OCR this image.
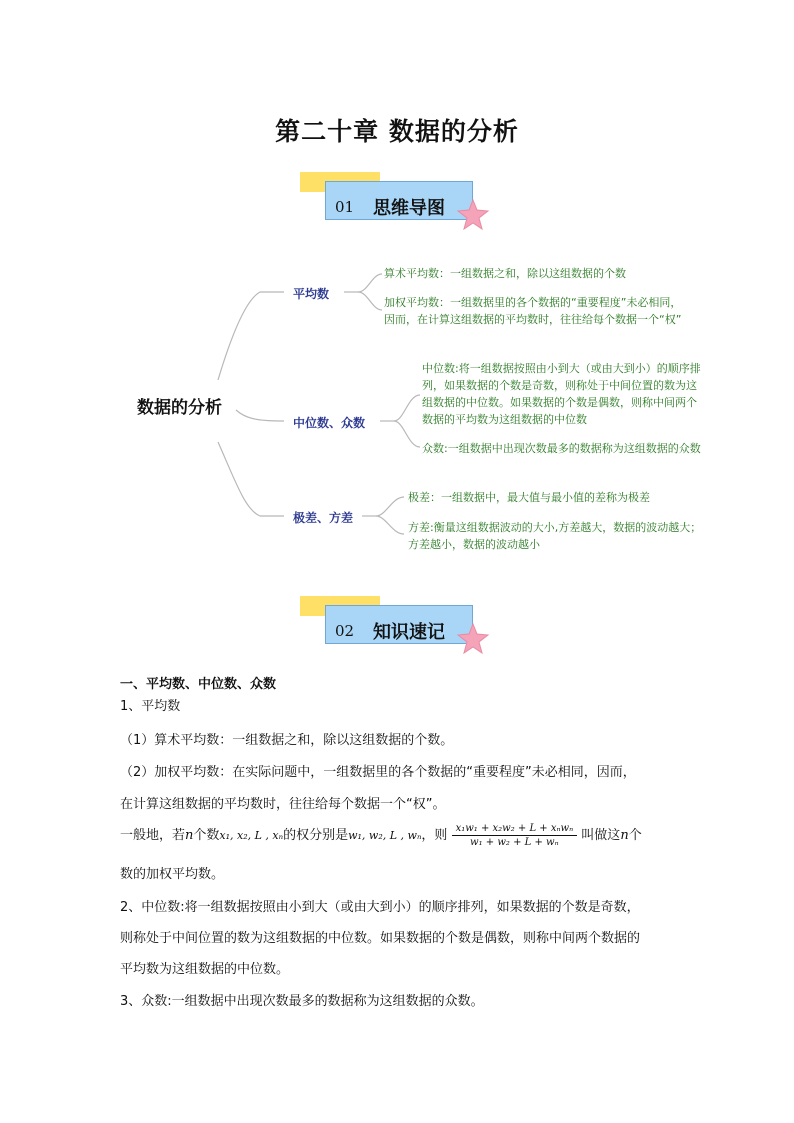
第二十章 数据的分析
01 思维导图
数据的分析
平均数
中位数、众数
极差、方差
算术平均数：一组数据之和，除以这组数据的个数
加权平均数：一组数据里的各个数据的“重要程度”未必相同，
因而，在计算这组数据的平均数时，往往给每个数据一个“权”
中位数:将一组数据按照由小到大（或由大到小）的顺序排
列，如果数据的个数是奇数，则称处于中间位置的数为这
组数据的中位数。如果数据的个数是偶数，则称中间两个
数据的平均数为这组数据的中位数
众数:一组数据中出现次数最多的数据称为这组数据的众数
极差：一组数据中，最大值与最小值的差称为极差
方差:衡量这组数据波动的大小,方差越大，数据的波动越大；
方差越小，数据的波动越小
02 知识速记
一、平均数、中位数、众数
1、平均数
（1）算术平均数：一组数据之和，除以这组数据的个数。
（2）加权平均数：在实际问题中，一组数据里的各个数据的“重要程度”未必相同，因而，
在计算这组数据的平均数时，往往给每个数据一个“权”。
一般地，若n个数x₁, x₂, L , xₙ的权分别是w₁, w₂, L , wₙ，则 $\frac{\text{x₁w₁ + x₂w₂ + L + xₙwₙ}}{\text{w₁ + w₂ + L + wₙ}}$ 叫做这n个
数的加权平均数。
2、中位数:将一组数据按照由小到大（或由大到小）的顺序排列，如果数据的个数是奇数，
则称处于中间位置的数为这组数据的中位数。如果数据的个数是偶数，则称中间两个数据的
平均数为这组数据的中位数。
3、众数:一组数据中出现次数最多的数据称为这组数据的众数。
